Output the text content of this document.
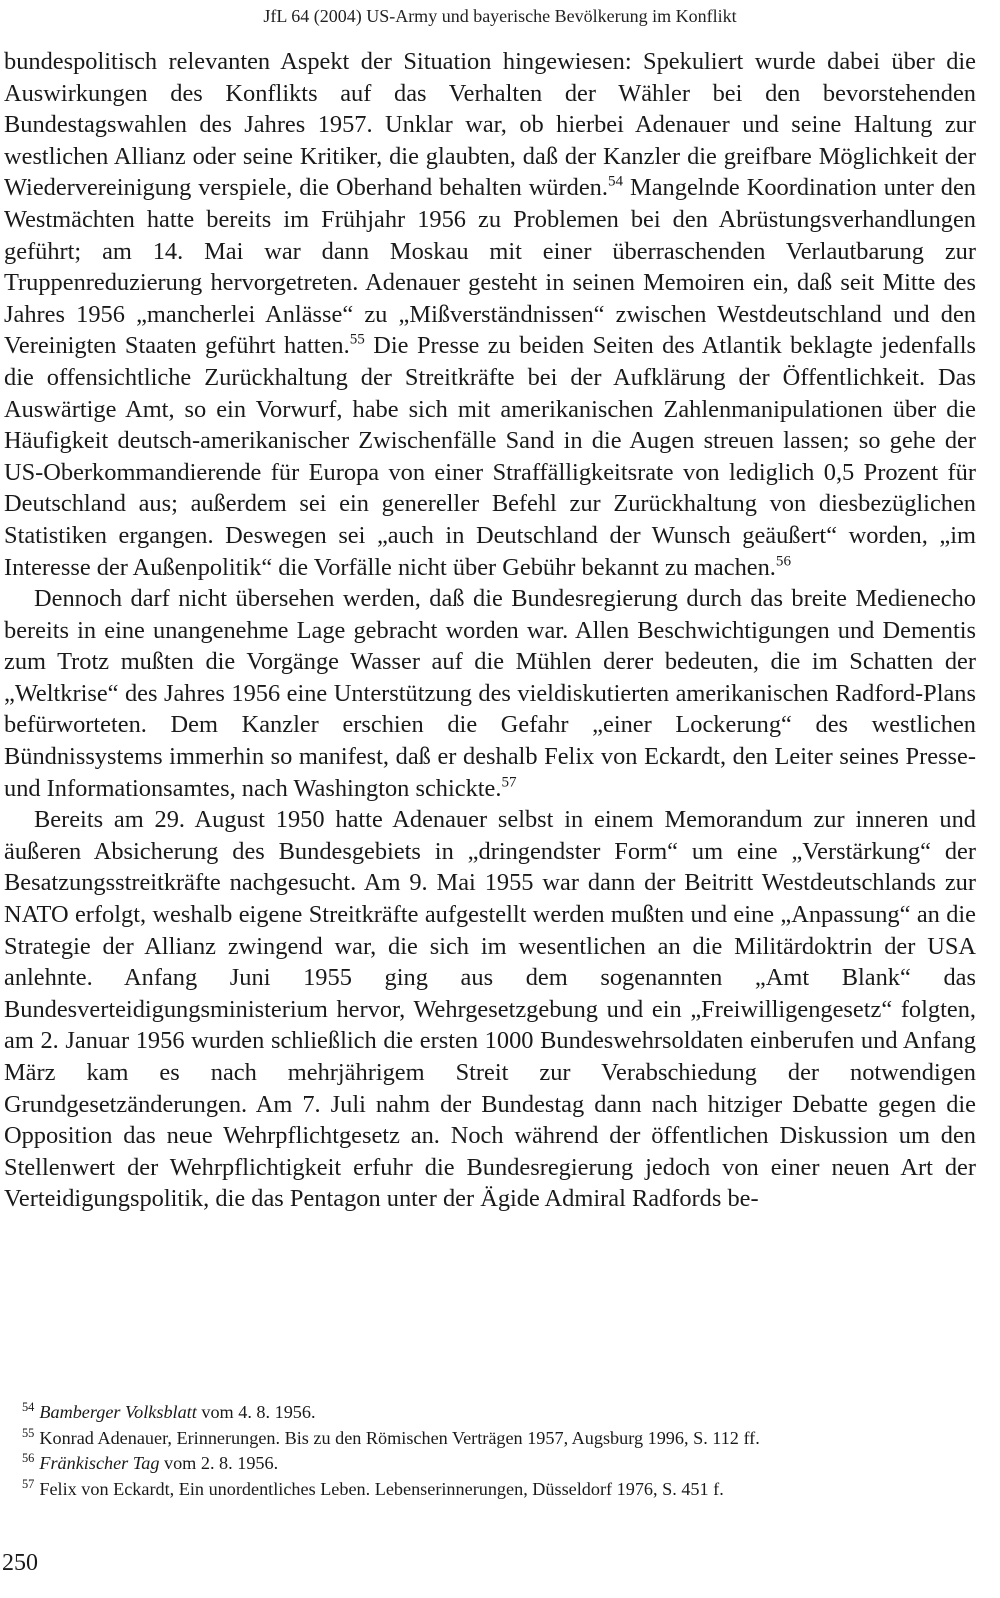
JfL 64 (2004) US-Army und bayerische Bevölkerung im Konflikt

bundespolitisch relevanten Aspekt der Situation hingewiesen: Spekuliert wurde dabei über die Auswirkungen des Konflikts auf das Verhalten der Wähler bei den bevorstehenden Bundestagswahlen des Jahres 1957. Unklar war, ob hierbei Adenauer und seine Haltung zur westlichen Allianz oder seine Kritiker, die glaubten, daß der Kanzler die greifbare Möglichkeit der Wiedervereinigung verspiele, die Oberhand behalten würden.$^{54}$ Mangelnde Koordination unter den Westmächten hatte bereits im Frühjahr 1956 zu Problemen bei den Abrüstungsverhandlungen geführt; am 14. Mai war dann Moskau mit einer überraschenden Verlautbarung zur Truppenreduzierung hervorgetreten. Adenauer gesteht in seinen Memoiren ein, daß seit Mitte des Jahres 1956 „mancherlei Anlässe“ zu „Mißverständnissen“ zwischen Westdeutschland und den Vereinigten Staaten geführt hatten.$^{55}$ Die Presse zu beiden Seiten des Atlantik beklagte jedenfalls die offensichtliche Zurückhaltung der Streitkräfte bei der Aufklärung der Öffentlichkeit. Das Auswärtige Amt, so ein Vorwurf, habe sich mit amerikanischen Zahlenmanipulationen über die Häufigkeit deutsch-amerikanischer Zwischenfälle Sand in die Augen streuen lassen; so gehe der US-Oberkommandierende für Europa von einer Straffälligkeitsrate von lediglich 0,5 Prozent für Deutschland aus; außerdem sei ein genereller Befehl zur Zurückhaltung von diesbezüglichen Statistiken ergangen. Deswegen sei „auch in Deutschland der Wunsch geäußert“ worden, „im Interesse der Außenpolitik“ die Vorfälle nicht über Gebühr bekannt zu machen.$^{56}$

Dennoch darf nicht übersehen werden, daß die Bundesregierung durch das breite Medienecho bereits in eine unangenehme Lage gebracht worden war. Allen Beschwichtigungen und Dementis zum Trotz mußten die Vorgänge Wasser auf die Mühlen derer bedeuten, die im Schatten der „Weltkrise“ des Jahres 1956 eine Unterstützung des vieldiskutierten amerikanischen Radford-Plans befürworteten. Dem Kanzler erschien die Gefahr „einer Lockerung“ des westlichen Bündnissystems immerhin so manifest, daß er deshalb Felix von Eckardt, den Leiter seines Presse- und Informationsamtes, nach Washington schickte.$^{57}$

Bereits am 29. August 1950 hatte Adenauer selbst in einem Memorandum zur inneren und äußeren Absicherung des Bundesgebiets in „dringendster Form“ um eine „Verstärkung“ der Besatzungsstreitkräfte nachgesucht. Am 9. Mai 1955 war dann der Beitritt Westdeutschlands zur NATO erfolgt, weshalb eigene Streitkräfte aufgestellt werden mußten und eine „Anpassung“ an die Strategie der Allianz zwingend war, die sich im wesentlichen an die Militärdoktrin der USA anlehnte. Anfang Juni 1955 ging aus dem sogenannten „Amt Blank“ das Bundesverteidigungsministerium hervor, Wehrgesetzgebung und ein „Freiwilligengesetz“ folgten, am 2. Januar 1956 wurden schließlich die ersten 1000 Bundeswehrsoldaten einberufen und Anfang März kam es nach mehrjährigem Streit zur Verabschiedung der notwendigen Grundgesetzänderungen. Am 7. Juli nahm der Bundestag dann nach hitziger Debatte gegen die Opposition das neue Wehrpflichtgesetz an. Noch während der öffentlichen Diskussion um den Stellenwert der Wehrpflichtigkeit erfuhr die Bundesregierung jedoch von einer neuen Art der Verteidigungspolitik, die das Pentagon unter der Ägide Admiral Radfords be-

$^{54}$ Bamberger Volksblatt vom 4. 8. 1956.
$^{55}$ Konrad Adenauer, Erinnerungen. Bis zu den Römischen Verträgen 1957, Augsburg 1996, S. 112 ff.
$^{56}$ Fränkischer Tag vom 2. 8. 1956.
$^{57}$ Felix von Eckardt, Ein unordentliches Leben. Lebenserinnerungen, Düsseldorf 1976, S. 451 f.
250
